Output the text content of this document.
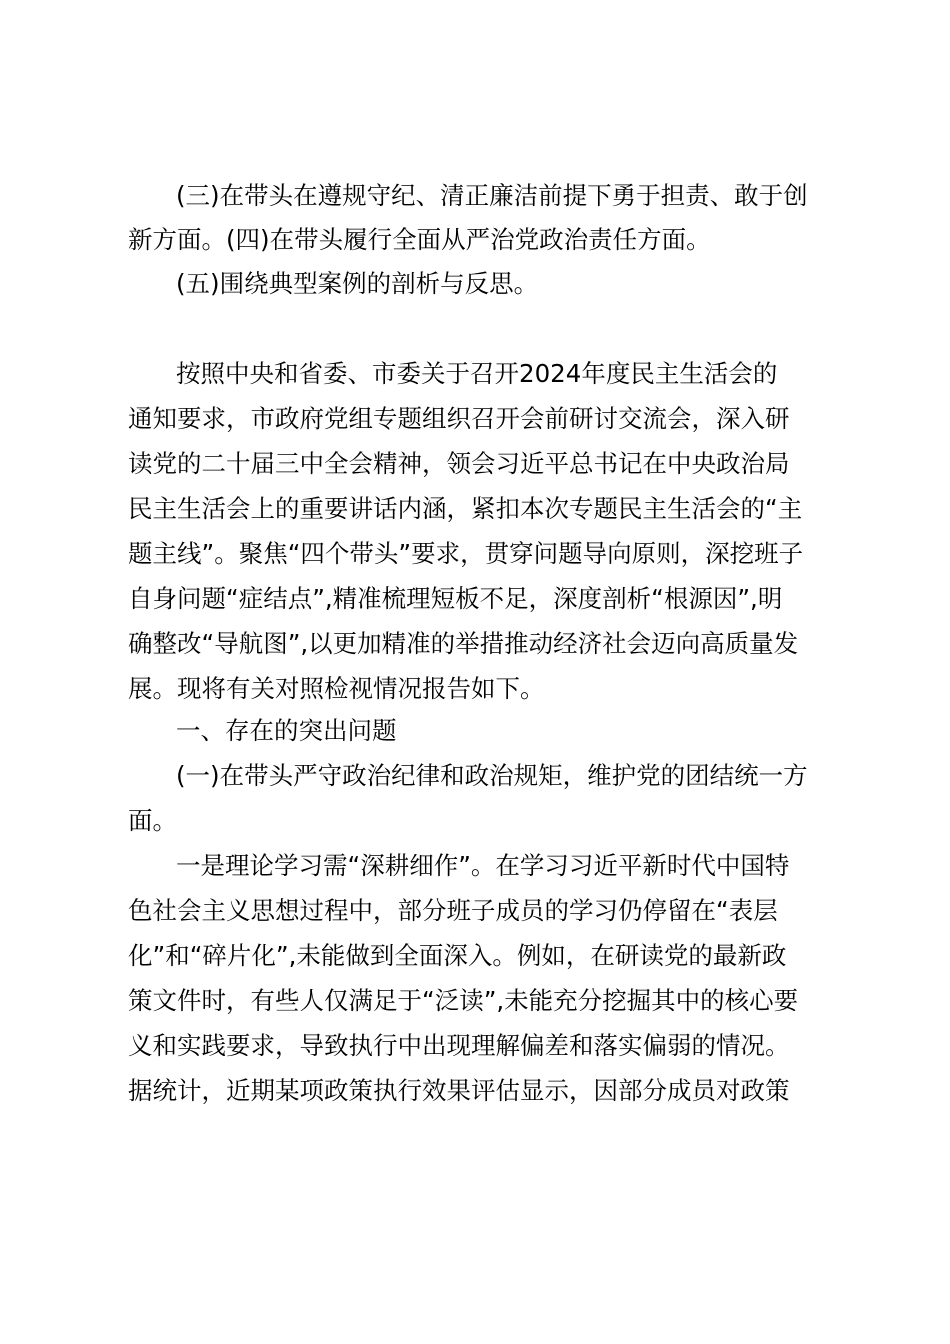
(三)在带头在遵规守纪、清正廉洁前提下勇于担责、敢于创
新方面。(四)在带头履行全面从严治党政治责任方面。
(五)围绕典型案例的剖析与反思。
按照中央和省委、市委关于召开2024年度民主生活会的
通知要求，市政府党组专题组织召开会前研讨交流会，深入研
读党的二十届三中全会精神，领会习近平总书记在中央政治局
民主生活会上的重要讲话内涵，紧扣本次专题民主生活会的“主
题主线”。聚焦“四个带头”要求，贯穿问题导向原则，深挖班子
自身问题“症结点”,精准梳理短板不足，深度剖析“根源因”,明
确整改“导航图”,以更加精准的举措推动经济社会迈向高质量发
展。现将有关对照检视情况报告如下。
一、存在的突出问题
(一)在带头严守政治纪律和政治规矩，维护党的团结统一方
面。
一是理论学习需“深耕细作”。在学习习近平新时代中国特
色社会主义思想过程中，部分班子成员的学习仍停留在“表层
化”和“碎片化”,未能做到全面深入。例如，在研读党的最新政
策文件时，有些人仅满足于“泛读”,未能充分挖掘其中的核心要
义和实践要求，导致执行中出现理解偏差和落实偏弱的情况。
据统计，近期某项政策执行效果评估显示，因部分成员对政策
